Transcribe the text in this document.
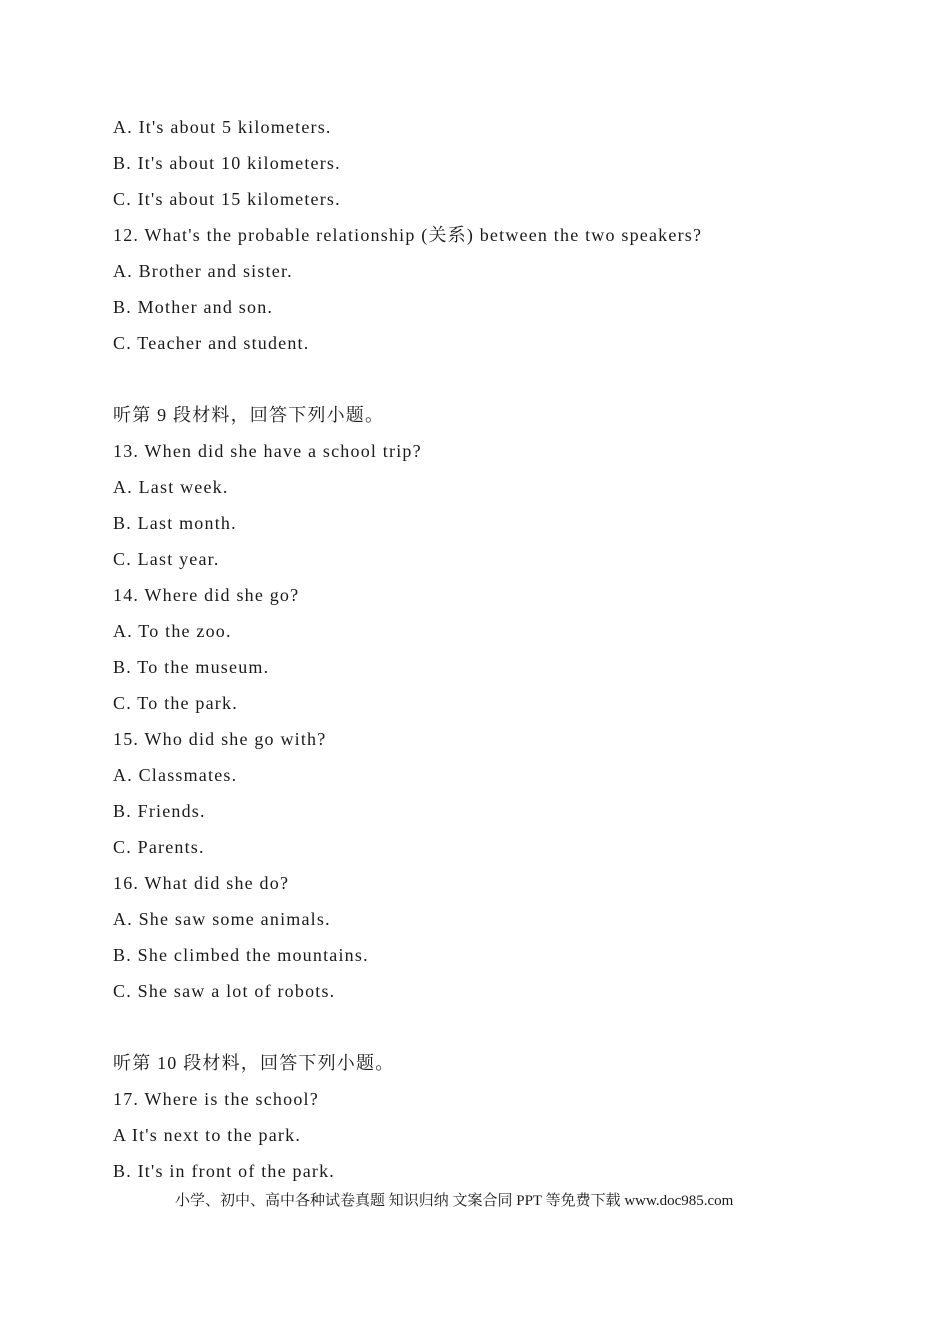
A. It's about 5 kilometers.
B. It's about 10 kilometers.
C. It's about 15 kilometers.
12. What's the probable relationship (关系) between the two speakers?
A. Brother and sister.
B. Mother and son.
C. Teacher and student.
听第 9 段材料，回答下列小题。
13. When did she have a school trip?
A. Last week.
B. Last month.
C. Last year.
14. Where did she go?
A. To the zoo.
B. To the museum.
C. To the park.
15. Who did she go with?
A. Classmates.
B. Friends.
C. Parents.
16. What did she do?
A. She saw some animals.
B. She climbed the mountains.
C. She saw a lot of robots.
听第 10 段材料，回答下列小题。
17. Where is the school?
A It's next to the park.
B. It's in front of the park.
小学、初中、高中各种试卷真题 知识归纳 文案合同 PPT 等免费下载 www.doc985.com
